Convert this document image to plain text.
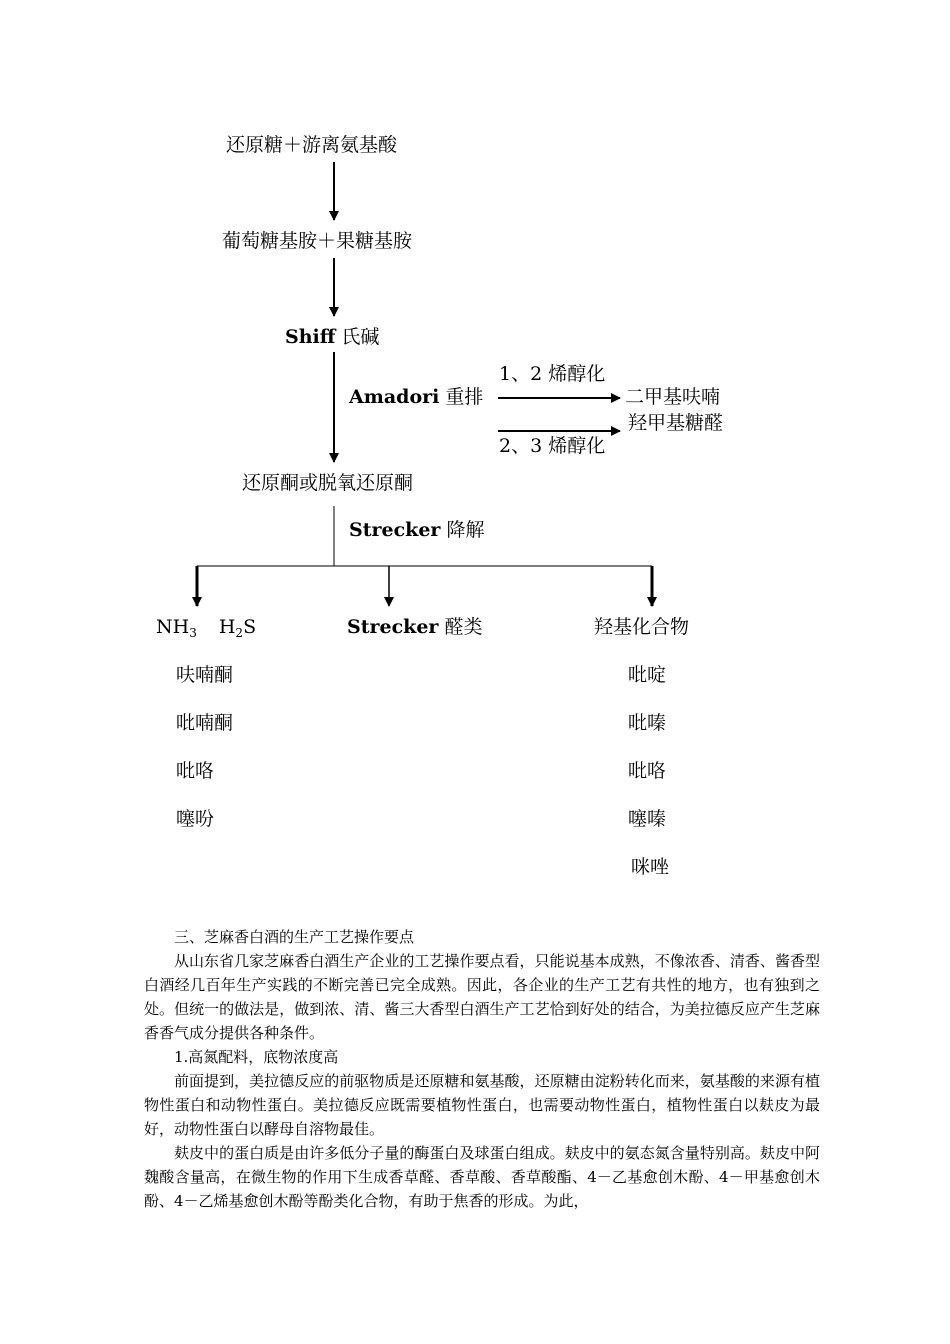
还原糖＋游离氨基酸
葡萄糖基胺＋果糖基胺
Shiff 氏碱
Amadori 重排
1、2 烯醇化
2、3 烯醇化
二甲基呋喃
羟甲基糖醛
还原酮或脱氧还原酮
Strecker 降解
$NH_3$ $H_2S$	Strecker 醛类	羟基化合物
呋喃酮
吡喃酮
吡咯
噻吩
吡啶
吡嗪
吡咯
噻嗪
咪唑

三、芝麻香白酒的生产工艺操作要点

从山东省几家芝麻香白酒生产企业的工艺操作要点看，只能说基本成熟，不像浓香、清香、酱香型白酒经几百年生产实践的不断完善已完全成熟。因此，各企业的生产工艺有共性的地方，也有独到之处。但统一的做法是，做到浓、清、酱三大香型白酒生产工艺恰到好处的结合，为美拉德反应产生芝麻香香气成分提供各种条件。

1.高氮配料，底物浓度高

前面提到，美拉德反应的前驱物质是还原糖和氨基酸，还原糖由淀粉转化而来，氨基酸的来源有植物性蛋白和动物性蛋白。美拉德反应既需要植物性蛋白，也需要动物性蛋白，植物性蛋白以麸皮为最好，动物性蛋白以酵母自溶物最佳。

麸皮中的蛋白质是由许多低分子量的酶蛋白及球蛋白组成。麸皮中的氨态氮含量特别高。麸皮中阿魏酸含量高，在微生物的作用下生成香草醛、香草酸、香草酸酯、4－乙基愈创木酚、4－甲基愈创木酚、4－乙烯基愈创木酚等酚类化合物，有助于焦香的形成。为此，
